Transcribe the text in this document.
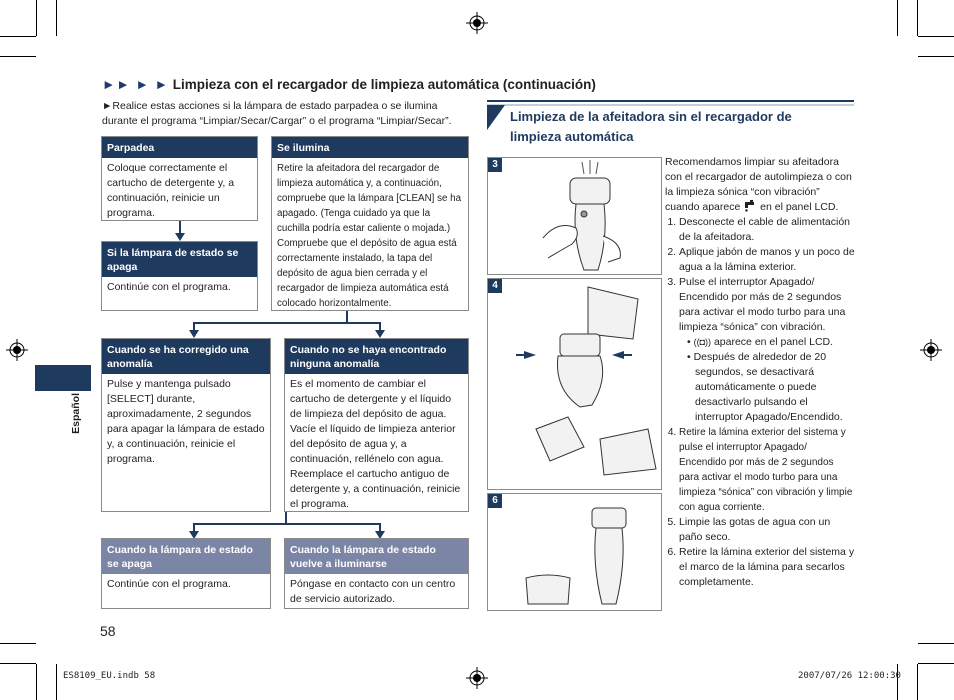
►► ► ► Limpieza con el recargador de limpieza automática (continuación)
►Realice estas acciones si la lámpara de estado parpadea o se ilumina durante el programa “Limpiar/Secar/Cargar” o el programa “Limpiar/Secar”.
Parpadea
Coloque correctamente el cartucho de detergente y, a continuación, reinicie un programa.
Se ilumina
Retire la afeitadora del recargador de limpieza automática y, a continuación, compruebe que la lámpara [CLEAN] se ha apagado. (Tenga cuidado ya que la cuchilla podría estar caliente o mojada.) Compruebe que el depósito de agua está correctamente instalado, la tapa del depósito de agua bien cerrada y el recargador de limpieza automática está colocado horizontalmente.
Si la lámpara de estado se apaga
Continúe con el programa.
Cuando se ha corregido una anomalía
Pulse y mantenga pulsado [SELECT] durante, aproximadamente, 2 segundos para apagar la lámpara de estado y, a continuación, reinicie el programa.
Cuando no se haya encontrado ninguna anomalía
Es el momento de cambiar el cartucho de detergente y el líquido de limpieza del depósito de agua. Vacíe el líquido de limpieza anterior del depósito de agua y, a continuación, rellénelo con agua. Reemplace el cartucho antiguo de detergente y, a continuación, reinicie el programa.
Cuando la lámpara de estado se apaga
Continúe con el programa.
Cuando la lámpara de estado vuelve a iluminarse
Póngase en contacto con un centro de servicio autorizado.
Español
58
ES8109_EU.indb 58	2007/07/26 12:00:30
Limpieza de la afeitadora sin el recargador de limpieza automática
3
4
6
Recomendamos limpiar su afeitadora con el recargador de autolimpieza o con la limpieza sónica “con vibración” cuando aparece en el panel LCD.
1. Desconecte el cable de alimentación de la afeitadora.
2. Aplique jabón de manos y un poco de agua a la lámina exterior.
3. Pulse el interruptor Apagado/ Encendido por más de 2 segundos para activar el modo turbo para una limpieza “sónica” con vibración.
• ((◘)) aparece en el panel LCD.
• Después de alrededor de 20 segundos, se desactivará automáticamente o puede desactivarlo pulsando el interruptor Apagado/Encendido.
4. Retire la lámina exterior del sistema y pulse el interruptor Apagado/ Encendido por más de 2 segundos para activar el modo turbo para una limpieza “sónica” con vibración y limpie con agua corriente.
5. Limpie las gotas de agua con un paño seco.
6. Retire la lámina exterior del sistema y el marco de la lámina para secarlos completamente.
